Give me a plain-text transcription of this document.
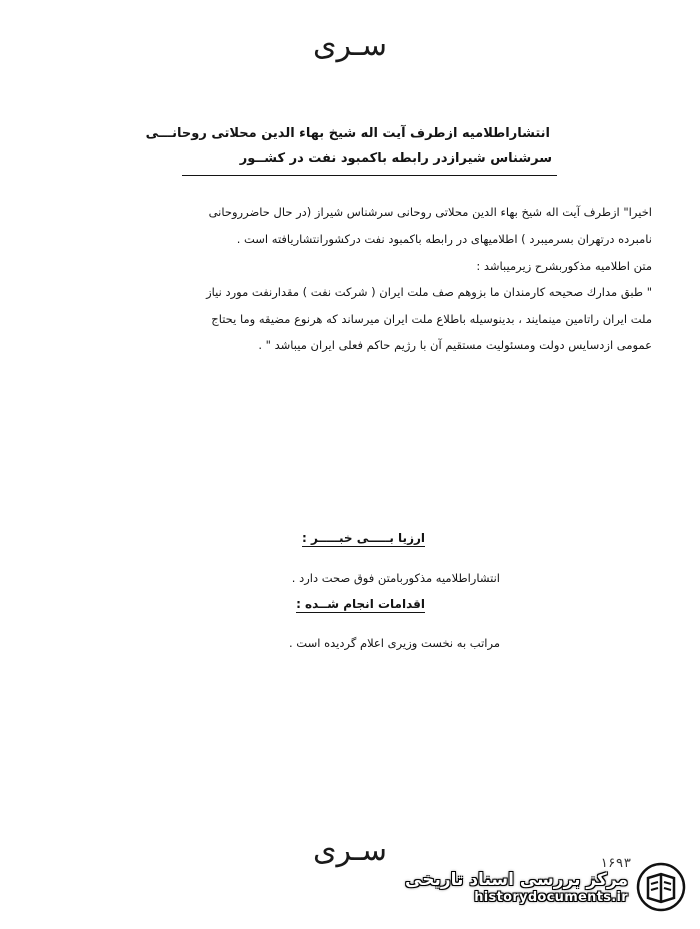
سـرى
انتشاراطلاميه ازطرف آيت اله شيخ بهاء الدين محلاتى روحانـــى
سرشناس شيرازدر رابطه باكمبود نفت در كشــور
اخيرا" ازطرف آيت اله شيخ بهاء الدين محلاتى روحانى سرشناس شيراز (در حال حاضرروحانى
نامبرده درتهران بسرميبرد ) اطلاميهاى در رابطه باكمبود نفت دركشورانتشاريافته است .
متن اطلاميه مذكوربشرح زيرميباشد :
" طبق مدارك صحيحه كارمندان ما بزوهم صف ملت ايران ( شركت نفت ) مقدارنفت مورد نياز
ملت ايران راتامين مينمايند ، بدينوسيله باطلاع ملت ايران ميرساند كه هرنوع مضيقه وما يحتاج
عمومى ازدسايس دولت ومسئوليت مستقيم آن با رژيم حاكم فعلى ايران ميباشد " .
ارزيا بـــــى خبـــــر :
انتشاراطلاميه مذكوربامتن فوق صحت دارد .
اقدامات انجام شــده :
مراتب به نخست وزيرى اعلام گرديده است .
سـرى	۱۶۹۳
مرکز بررسی اسناد تاریخی
historydocuments.ir
